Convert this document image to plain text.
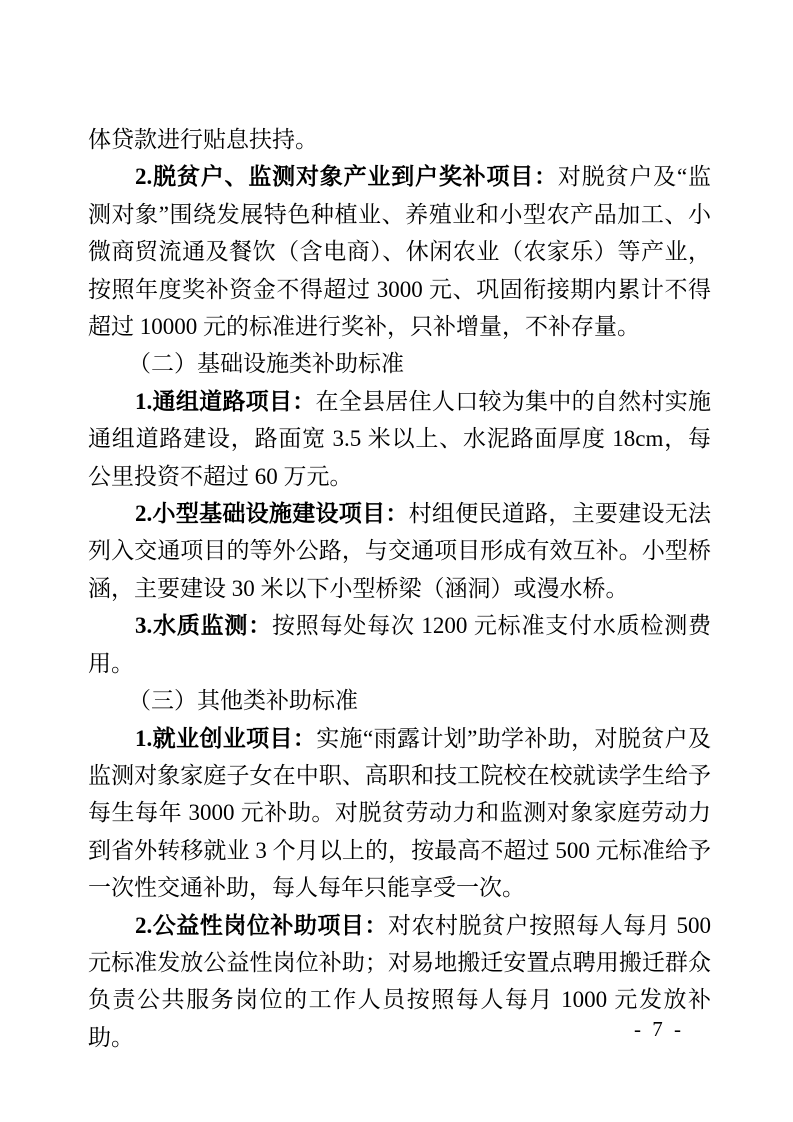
体贷款进行贴息扶持。

2.脱贫户、监测对象产业到户奖补项目：对脱贫户及“监测对象”围绕发展特色种植业、养殖业和小型农产品加工、小微商贸流通及餐饮（含电商）、休闲农业（农家乐）等产业，按照年度奖补资金不得超过 3000 元、巩固衔接期内累计不得超过 10000 元的标准进行奖补，只补增量，不补存量。

（二）基础设施类补助标准

1.通组道路项目：在全县居住人口较为集中的自然村实施通组道路建设，路面宽 3.5 米以上、水泥路面厚度 18cm，每公里投资不超过 60 万元。

2.小型基础设施建设项目：村组便民道路，主要建设无法列入交通项目的等外公路，与交通项目形成有效互补。小型桥涵，主要建设 30 米以下小型桥梁（涵洞）或漫水桥。

3.水质监测：按照每处每次 1200 元标准支付水质检测费用。

（三）其他类补助标准

1.就业创业项目：实施“雨露计划”助学补助，对脱贫户及监测对象家庭子女在中职、高职和技工院校在校就读学生给予每生每年 3000 元补助。对脱贫劳动力和监测对象家庭劳动力到省外转移就业 3 个月以上的，按最高不超过 500 元标准给予一次性交通补助，每人每年只能享受一次。

2.公益性岗位补助项目：对农村脱贫户按照每人每月 500 元标准发放公益性岗位补助；对易地搬迁安置点聘用搬迁群众负责公共服务岗位的工作人员按照每人每月 1000 元发放补助。	- 7 -
